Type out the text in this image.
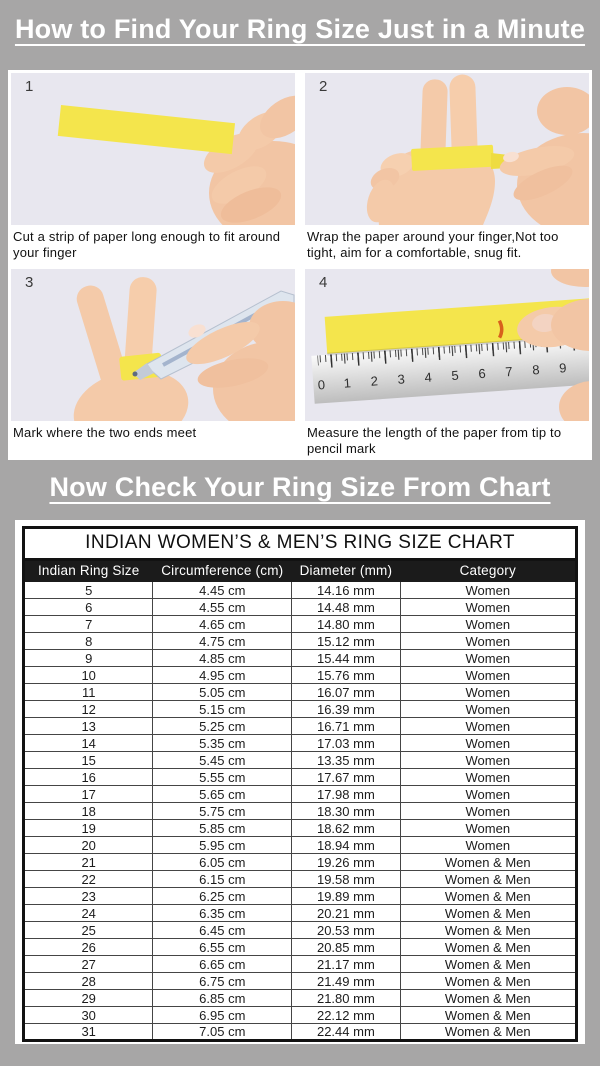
How to Find Your Ring Size Just in a Minute
1
Cut a strip of paper long enough to fit around your finger
2
Wrap the paper around your finger,Not too tight, aim for a comfortable, snug fit.
3
Mark where the two ends meet
0 1 2 3 4 5 6 7 8 9
4
Measure the length of the paper from tip to pencil mark
Now Check Your Ring Size From Chart
INDIAN WOMEN’S & MEN’S RING SIZE CHART			
Indian Ring Size	Circumference (cm)	Diameter (mm)	Category
5	4.45 cm	14.16 mm	Women
6	4.55 cm	14.48 mm	Women
7	4.65 cm	14.80 mm	Women
8	4.75 cm	15.12 mm	Women
9	4.85 cm	15.44 mm	Women
10	4.95 cm	15.76 mm	Women
11	5.05 cm	16.07 mm	Women
12	5.15 cm	16.39 mm	Women
13	5.25 cm	16.71 mm	Women
14	5.35 cm	17.03 mm	Women
15	5.45 cm	13.35 mm	Women
16	5.55 cm	17.67 mm	Women
17	5.65 cm	17.98 mm	Women
18	5.75 cm	18.30 mm	Women
19	5.85 cm	18.62 mm	Women
20	5.95 cm	18.94 mm	Women
21	6.05 cm	19.26 mm	Women & Men
22	6.15 cm	19.58 mm	Women & Men
23	6.25 cm	19.89 mm	Women & Men
24	6.35 cm	20.21 mm	Women & Men
25	6.45 cm	20.53 mm	Women & Men
26	6.55 cm	20.85 mm	Women & Men
27	6.65 cm	21.17 mm	Women & Men
28	6.75 cm	21.49 mm	Women & Men
29	6.85 cm	21.80 mm	Women & Men
30	6.95 cm	22.12 mm	Women & Men
31	7.05 cm	22.44 mm	Women & Men
